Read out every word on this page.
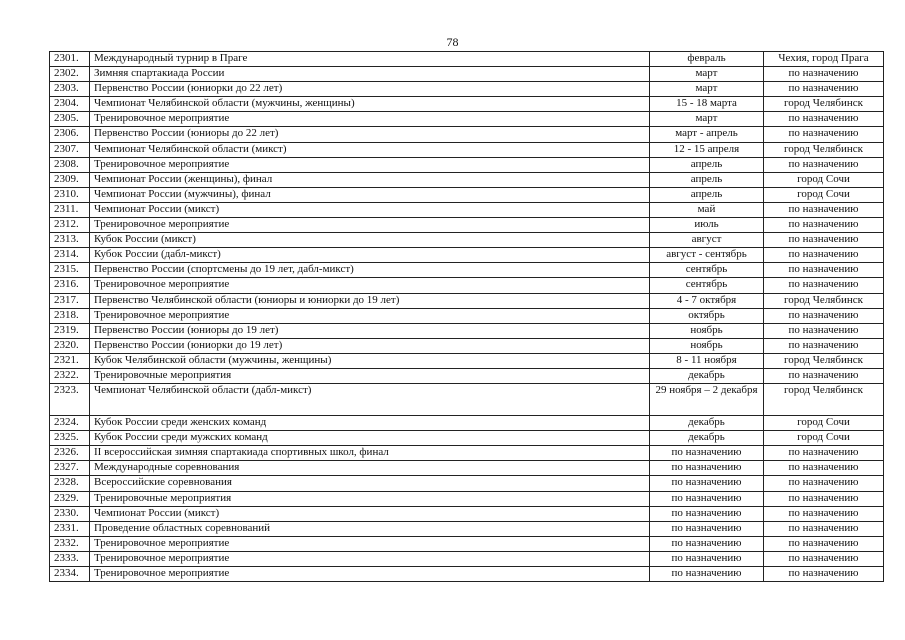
78
2301.	Международный турнир в Праге	февраль	Чехия, город Прага
2302.	Зимняя спартакиада России	март	по назначению
2303.	Первенство России (юниорки до 22 лет)	март	по назначению
2304.	Чемпионат Челябинской области (мужчины, женщины)	15 - 18 марта	город Челябинск
2305.	Тренировочное мероприятие	март	по назначению
2306.	Первенство России (юниоры до 22 лет)	март - апрель	по назначению
2307.	Чемпионат Челябинской области (микст)	12 - 15 апреля	город Челябинск
2308.	Тренировочное мероприятие	апрель	по назначению
2309.	Чемпионат России (женщины), финал	апрель	город Сочи
2310.	Чемпионат России (мужчины), финал	апрель	город Сочи
2311.	Чемпионат России (микст)	май	по назначению
2312.	Тренировочное мероприятие	июль	по назначению
2313.	Кубок России (микст)	август	по назначению
2314.	Кубок России (дабл-микст)	август - сентябрь	по назначению
2315.	Первенство России (спортсмены до 19 лет, дабл-микст)	сентябрь	по назначению
2316.	Тренировочное мероприятие	сентябрь	по назначению
2317.	Первенство Челябинской области (юниоры и юниорки до 19 лет)	4 - 7 октября	город Челябинск
2318.	Тренировочное мероприятие	октябрь	по назначению
2319.	Первенство России (юниоры до 19 лет)	ноябрь	по назначению
2320.	Первенство России (юниорки до 19 лет)	ноябрь	по назначению
2321.	Кубок Челябинской области (мужчины, женщины)	8 - 11 ноября	город Челябинск
2322.	Тренировочные мероприятия	декабрь	по назначению
2323.	Чемпионат Челябинской области (дабл-микст)	29 ноября – 2 декабря	город Челябинск
2324.	Кубок России среди женских команд	декабрь	город Сочи
2325.	Кубок России среди мужских команд	декабрь	город Сочи
2326.	II всероссийская зимняя спартакиада спортивных школ, финал	по назначению	по назначению
2327.	Международные соревнования	по назначению	по назначению
2328.	Всероссийские соревнования	по назначению	по назначению
2329.	Тренировочные мероприятия	по назначению	по назначению
2330.	Чемпионат России (микст)	по назначению	по назначению
2331.	Проведение областных соревнований	по назначению	по назначению
2332.	Тренировочное мероприятие	по назначению	по назначению
2333.	Тренировочное мероприятие	по назначению	по назначению
2334.	Тренировочное мероприятие	по назначению	по назначению
